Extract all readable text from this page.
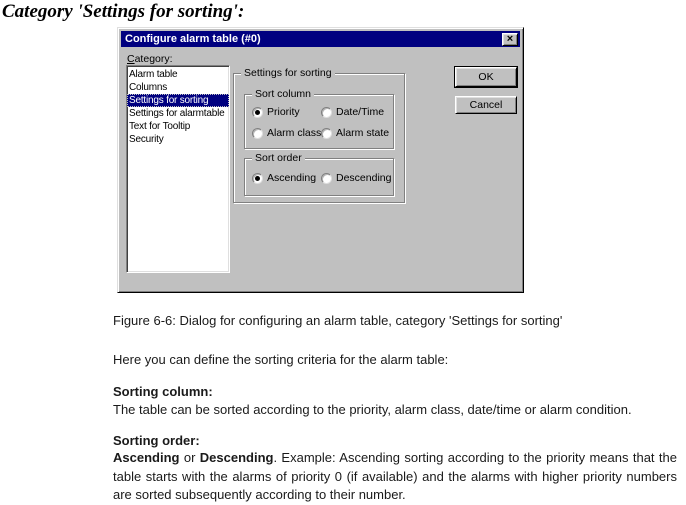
Category 'Settings for sorting':
Configure alarm table (#0)	×
Category:
Alarm table
Columns
Settings for sorting
Settings for alarmtable
Text for Tooltip
Security
Settings for sorting
Sort column
Priority	Date/Time
Alarm class Alarm state
Sort order
Ascending Descending
OK
Cancel
Figure 6-6: Dialog for configuring an alarm table, category 'Settings for sorting'
Here you can define the sorting criteria for the alarm table:
Sorting column:
The table can be sorted according to the priority, alarm class, date/time or alarm condition.
Sorting order:
Ascending or Descending. Example: Ascending sorting according to the priority means that the table starts with the alarms of priority 0 (if available) and the alarms with higher priority numbers are sorted subsequently according to their number.
